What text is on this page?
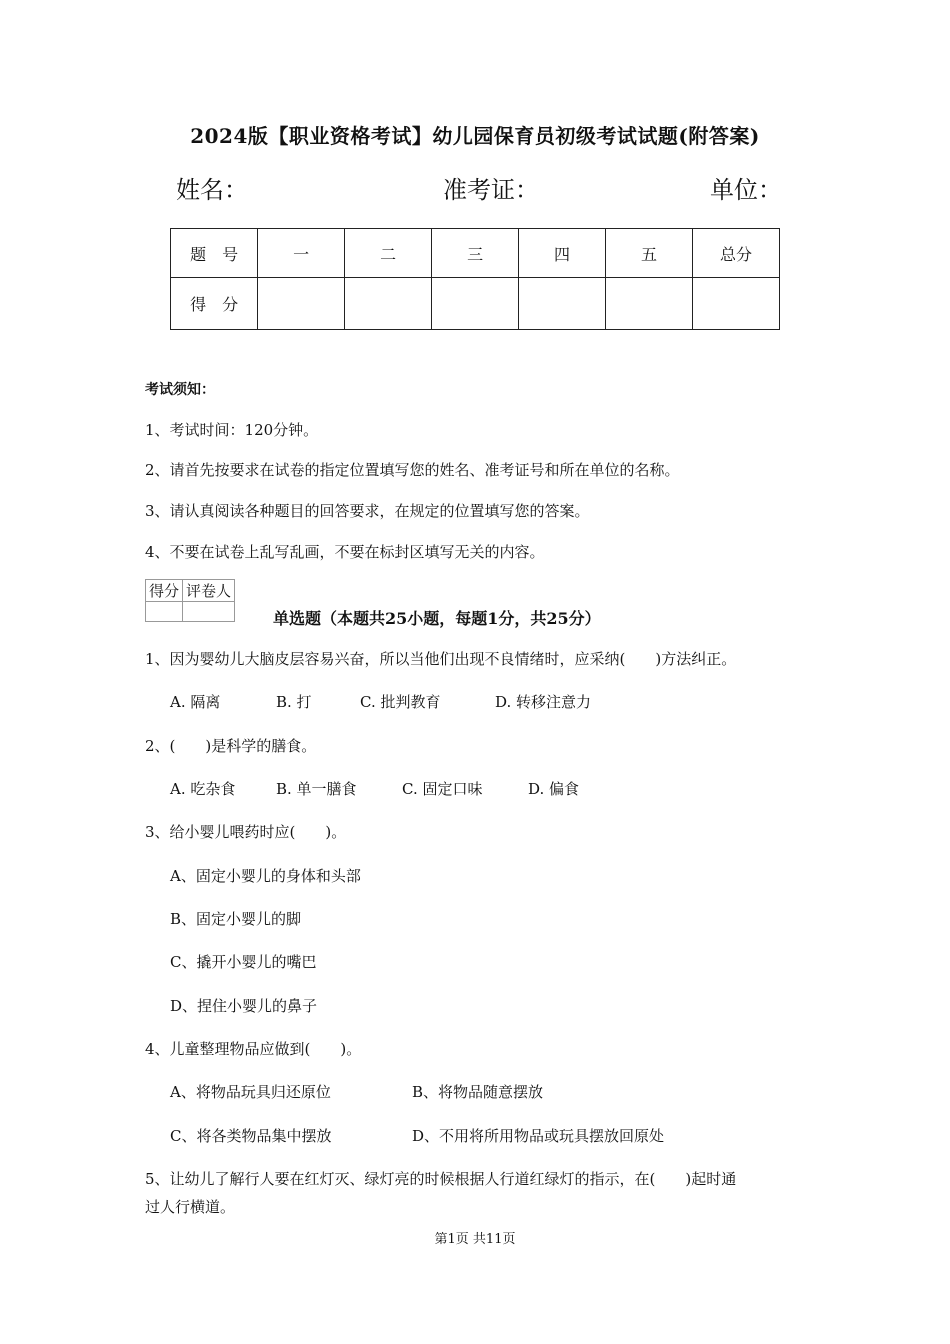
2024版【职业资格考试】幼儿园保育员初级考试试题(附答案)
姓名：	准考证：	单位：
题　号	一	二	三	四	五	总分
得　分						
考试须知：
1、考试时间：120分钟。
2、请首先按要求在试卷的指定位置填写您的姓名、准考证号和所在单位的名称。
3、请认真阅读各种题目的回答要求，在规定的位置填写您的答案。
4、不要在试卷上乱写乱画，不要在标封区填写无关的内容。
得分	评卷人

单选题（本题共25小题，每题1分，共25分）
1、因为婴幼儿大脑皮层容易兴奋，所以当他们出现不良情绪时，应采纳(　　)方法纠正。
A. 隔离	B. 打	C. 批判教育	D. 转移注意力
2、(　　)是科学的膳食。
A. 吃杂食	B. 单一膳食	C. 固定口味	D. 偏食
3、给小婴儿喂药时应(　　)。
A、固定小婴儿的身体和头部
B、固定小婴儿的脚
C、撬开小婴儿的嘴巴
D、捏住小婴儿的鼻子
4、儿童整理物品应做到(　　)。
A、将物品玩具归还原位	B、将物品随意摆放
C、将各类物品集中摆放	D、不用将所用物品或玩具摆放回原处
5、让幼儿了解行人要在红灯灭、绿灯亮的时候根据人行道红绿灯的指示，在(　　)起时通
过人行横道。
第1页 共11页
